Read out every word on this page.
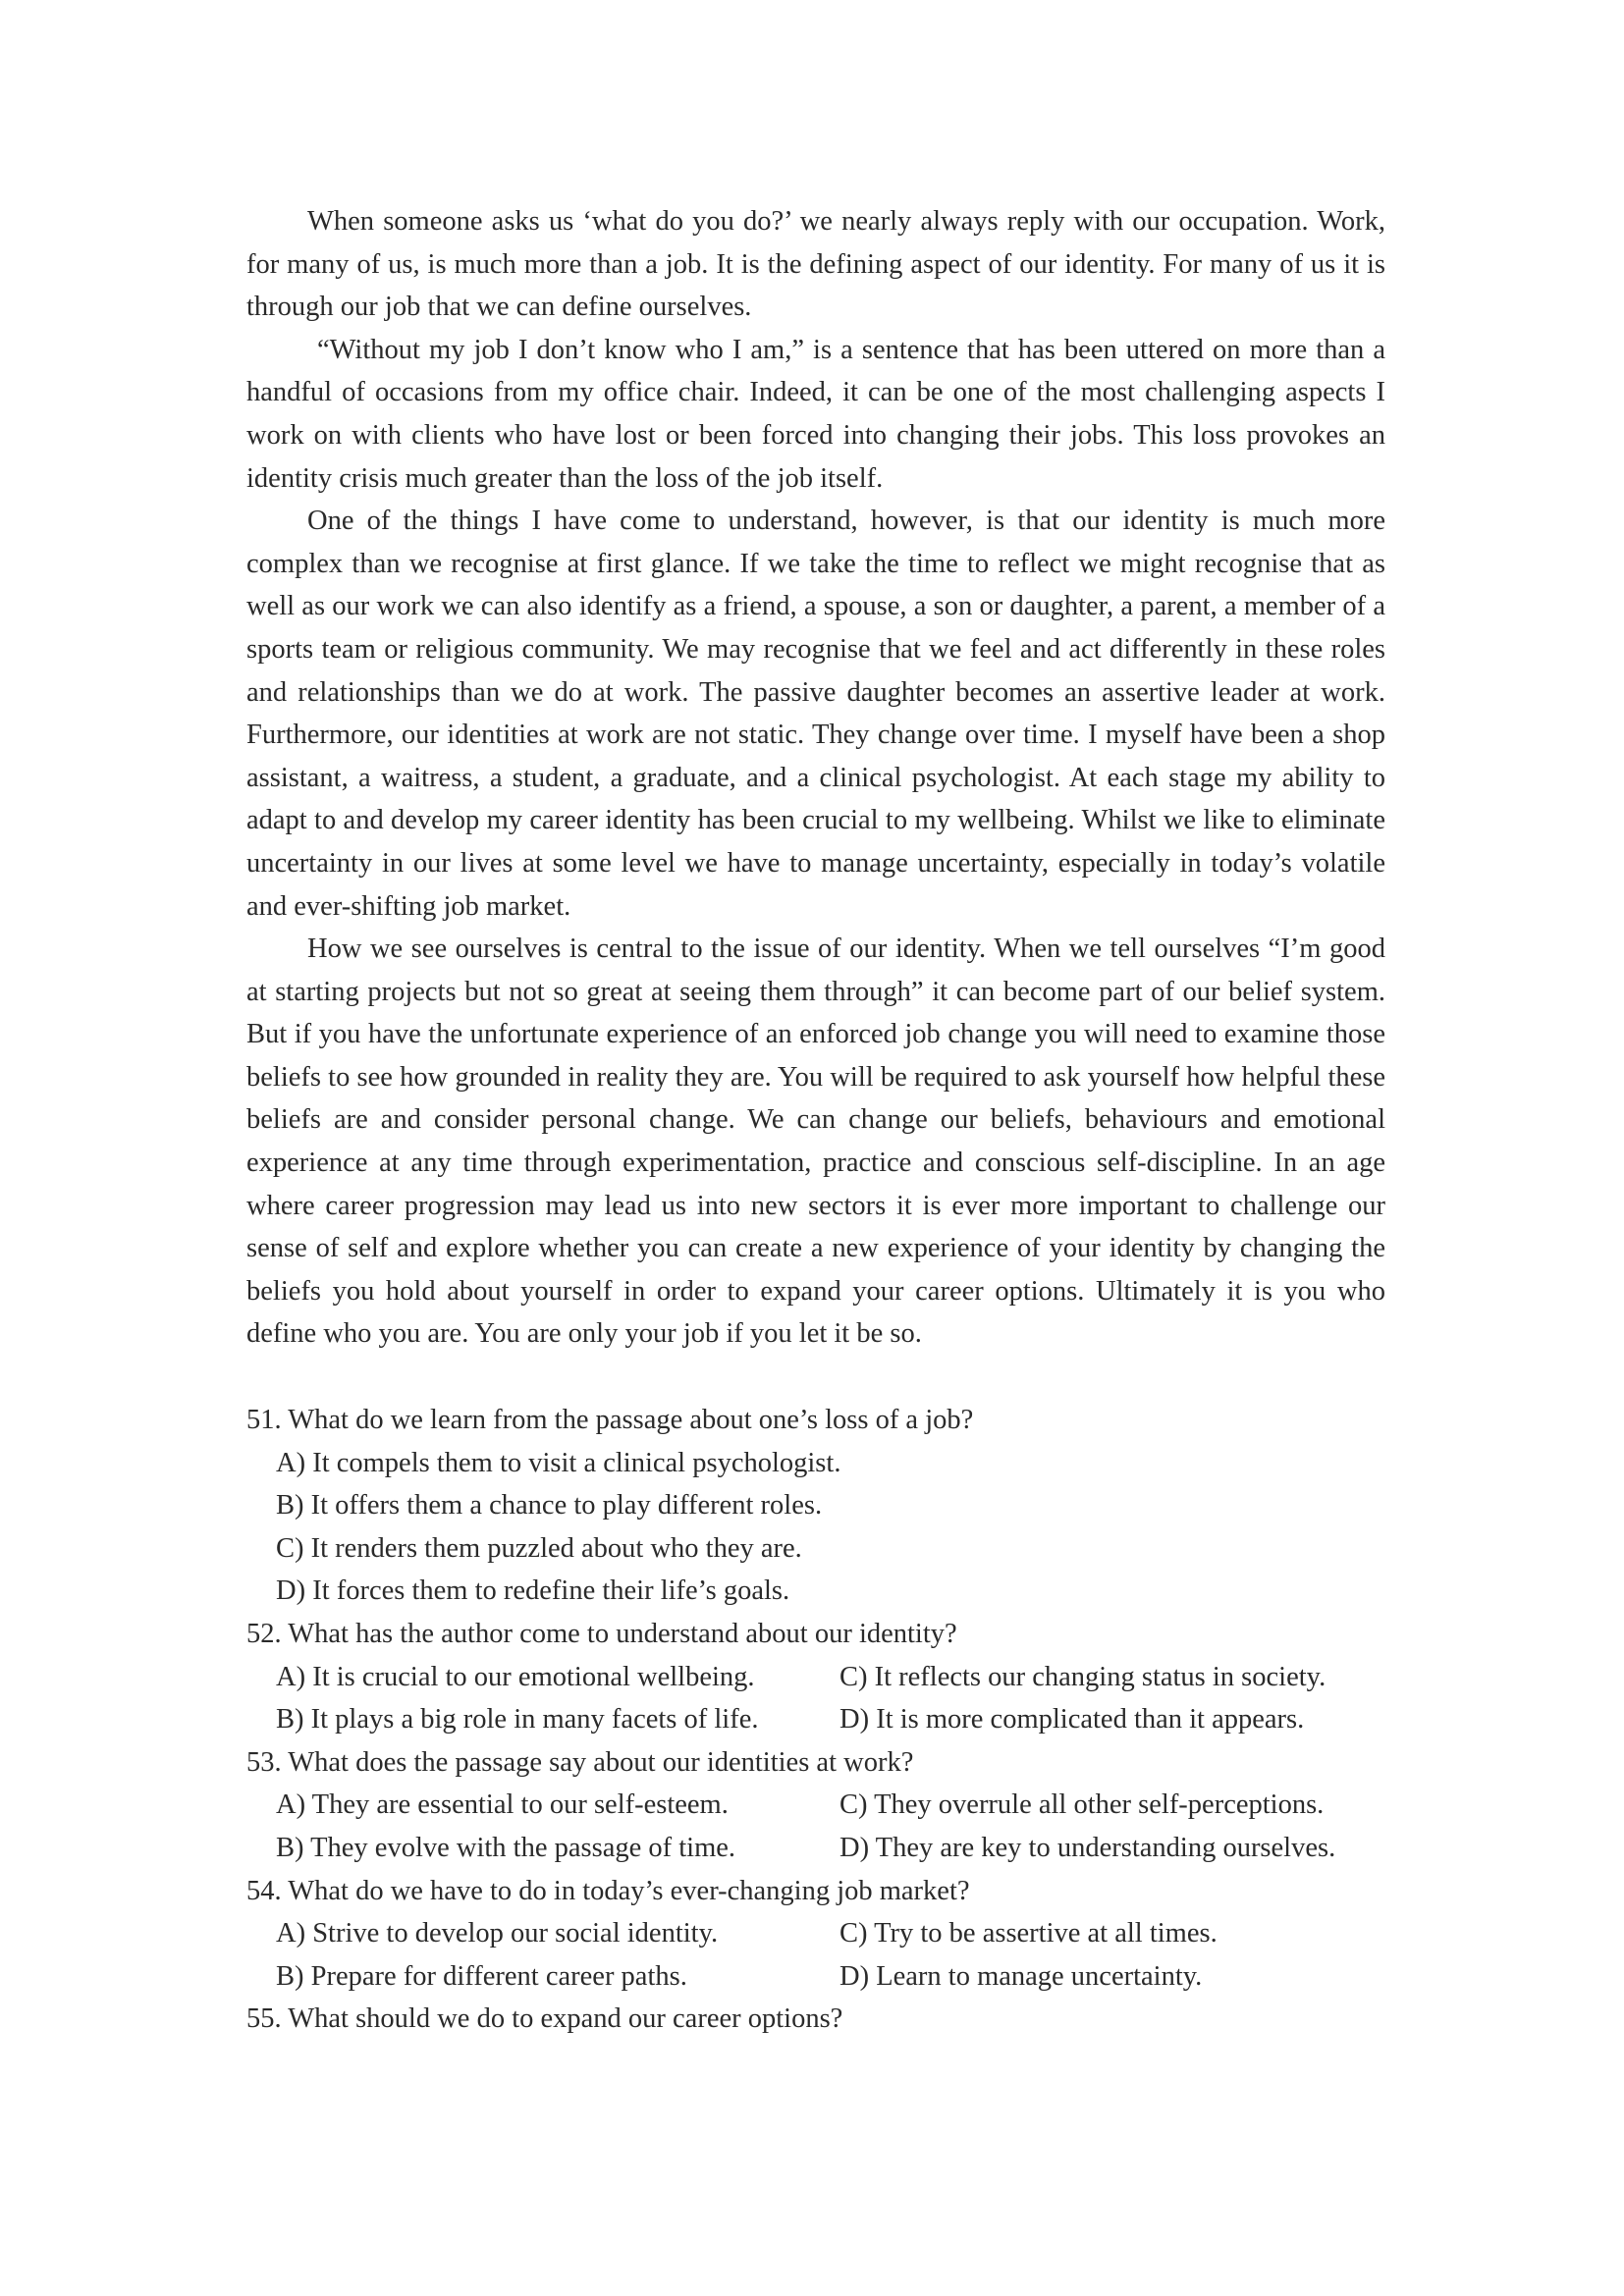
When someone asks us ‘what do you do?’ we nearly always reply with our occupation. Work, for many of us, is much more than a job. It is the defining aspect of our identity. For many of us it is through our job that we can define ourselves.

“Without my job I don’t know who I am,” is a sentence that has been uttered on more than a handful of occasions from my office chair. Indeed, it can be one of the most challenging aspects I work on with clients who have lost or been forced into changing their jobs. This loss provokes an identity crisis much greater than the loss of the job itself.

One of the things I have come to understand, however, is that our identity is much more complex than we recognise at first glance. If we take the time to reflect we might recognise that as well as our work we can also identify as a friend, a spouse, a son or daughter, a parent, a member of a sports team or religious community. We may recognise that we feel and act differently in these roles and relationships than we do at work. The passive daughter becomes an assertive leader at work. Furthermore, our identities at work are not static. They change over time. I myself have been a shop assistant, a waitress, a student, a graduate, and a clinical psychologist. At each stage my ability to adapt to and develop my career identity has been crucial to my wellbeing. Whilst we like to eliminate uncertainty in our lives at some level we have to manage uncertainty, especially in today’s volatile and ever-shifting job market.

How we see ourselves is central to the issue of our identity. When we tell ourselves “I’m good at starting projects but not so great at seeing them through” it can become part of our belief system. But if you have the unfortunate experience of an enforced job change you will need to examine those beliefs to see how grounded in reality they are. You will be required to ask yourself how helpful these beliefs are and consider personal change. We can change our beliefs, behaviours and emotional experience at any time through experimentation, practice and conscious self-discipline. In an age where career progression may lead us into new sectors it is ever more important to challenge our sense of self and explore whether you can create a new experience of your identity by changing the beliefs you hold about yourself in order to expand your career options. Ultimately it is you who define who you are. You are only your job if you let it be so.

51. What do we learn from the passage about one’s loss of a job?

A) It compels them to visit a clinical psychologist.

B) It offers them a chance to play different roles.

C) It renders them puzzled about who they are.

D) It forces them to redefine their life’s goals.

52. What has the author come to understand about our identity?

A) It is crucial to our emotional wellbeing.	C) It reflects our changing status in society.
B) It plays a big role in many facets of life.	D) It is more complicated than it appears.

53. What does the passage say about our identities at work?

A) They are essential to our self-esteem.	C) They overrule all other self-perceptions.
B) They evolve with the passage of time.	D) They are key to understanding ourselves.

54. What do we have to do in today’s ever-changing job market?

A) Strive to develop our social identity.	C) Try to be assertive at all times.
B) Prepare for different career paths.	D) Learn to manage uncertainty.

55. What should we do to expand our career options?
